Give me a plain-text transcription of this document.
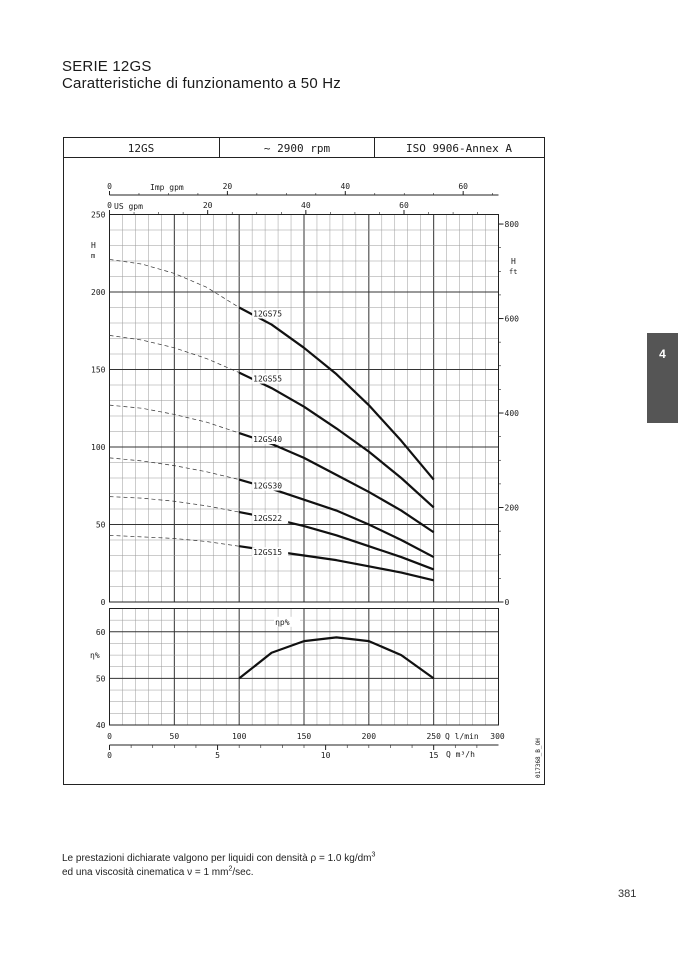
SERIE 12GS
Caratteristiche di funzionamento a 50 Hz
4
12GS	~ 2900 rpm	ISO 9906-Annex A
Imp gpm
US gpm
0	20	40	60
0	20	40	60
0
50
100
150
200
250
0
200
400
600
800
40
50
60
0	50	100	150	200	250	300
0	5	10	15
12GS75
12GS55
12GS40
12GS30
12GS22
12GS15
ηp%
H
m
H
ft
η%
Q l/min
Q m³/h	017368_B_OH
Le prestazioni dichiarate valgono per liquidi con densità ρ = 1.0 $kg/dm^3$
ed una viscosità cinematica ν = 1 $mm^2/\sec$.
381
